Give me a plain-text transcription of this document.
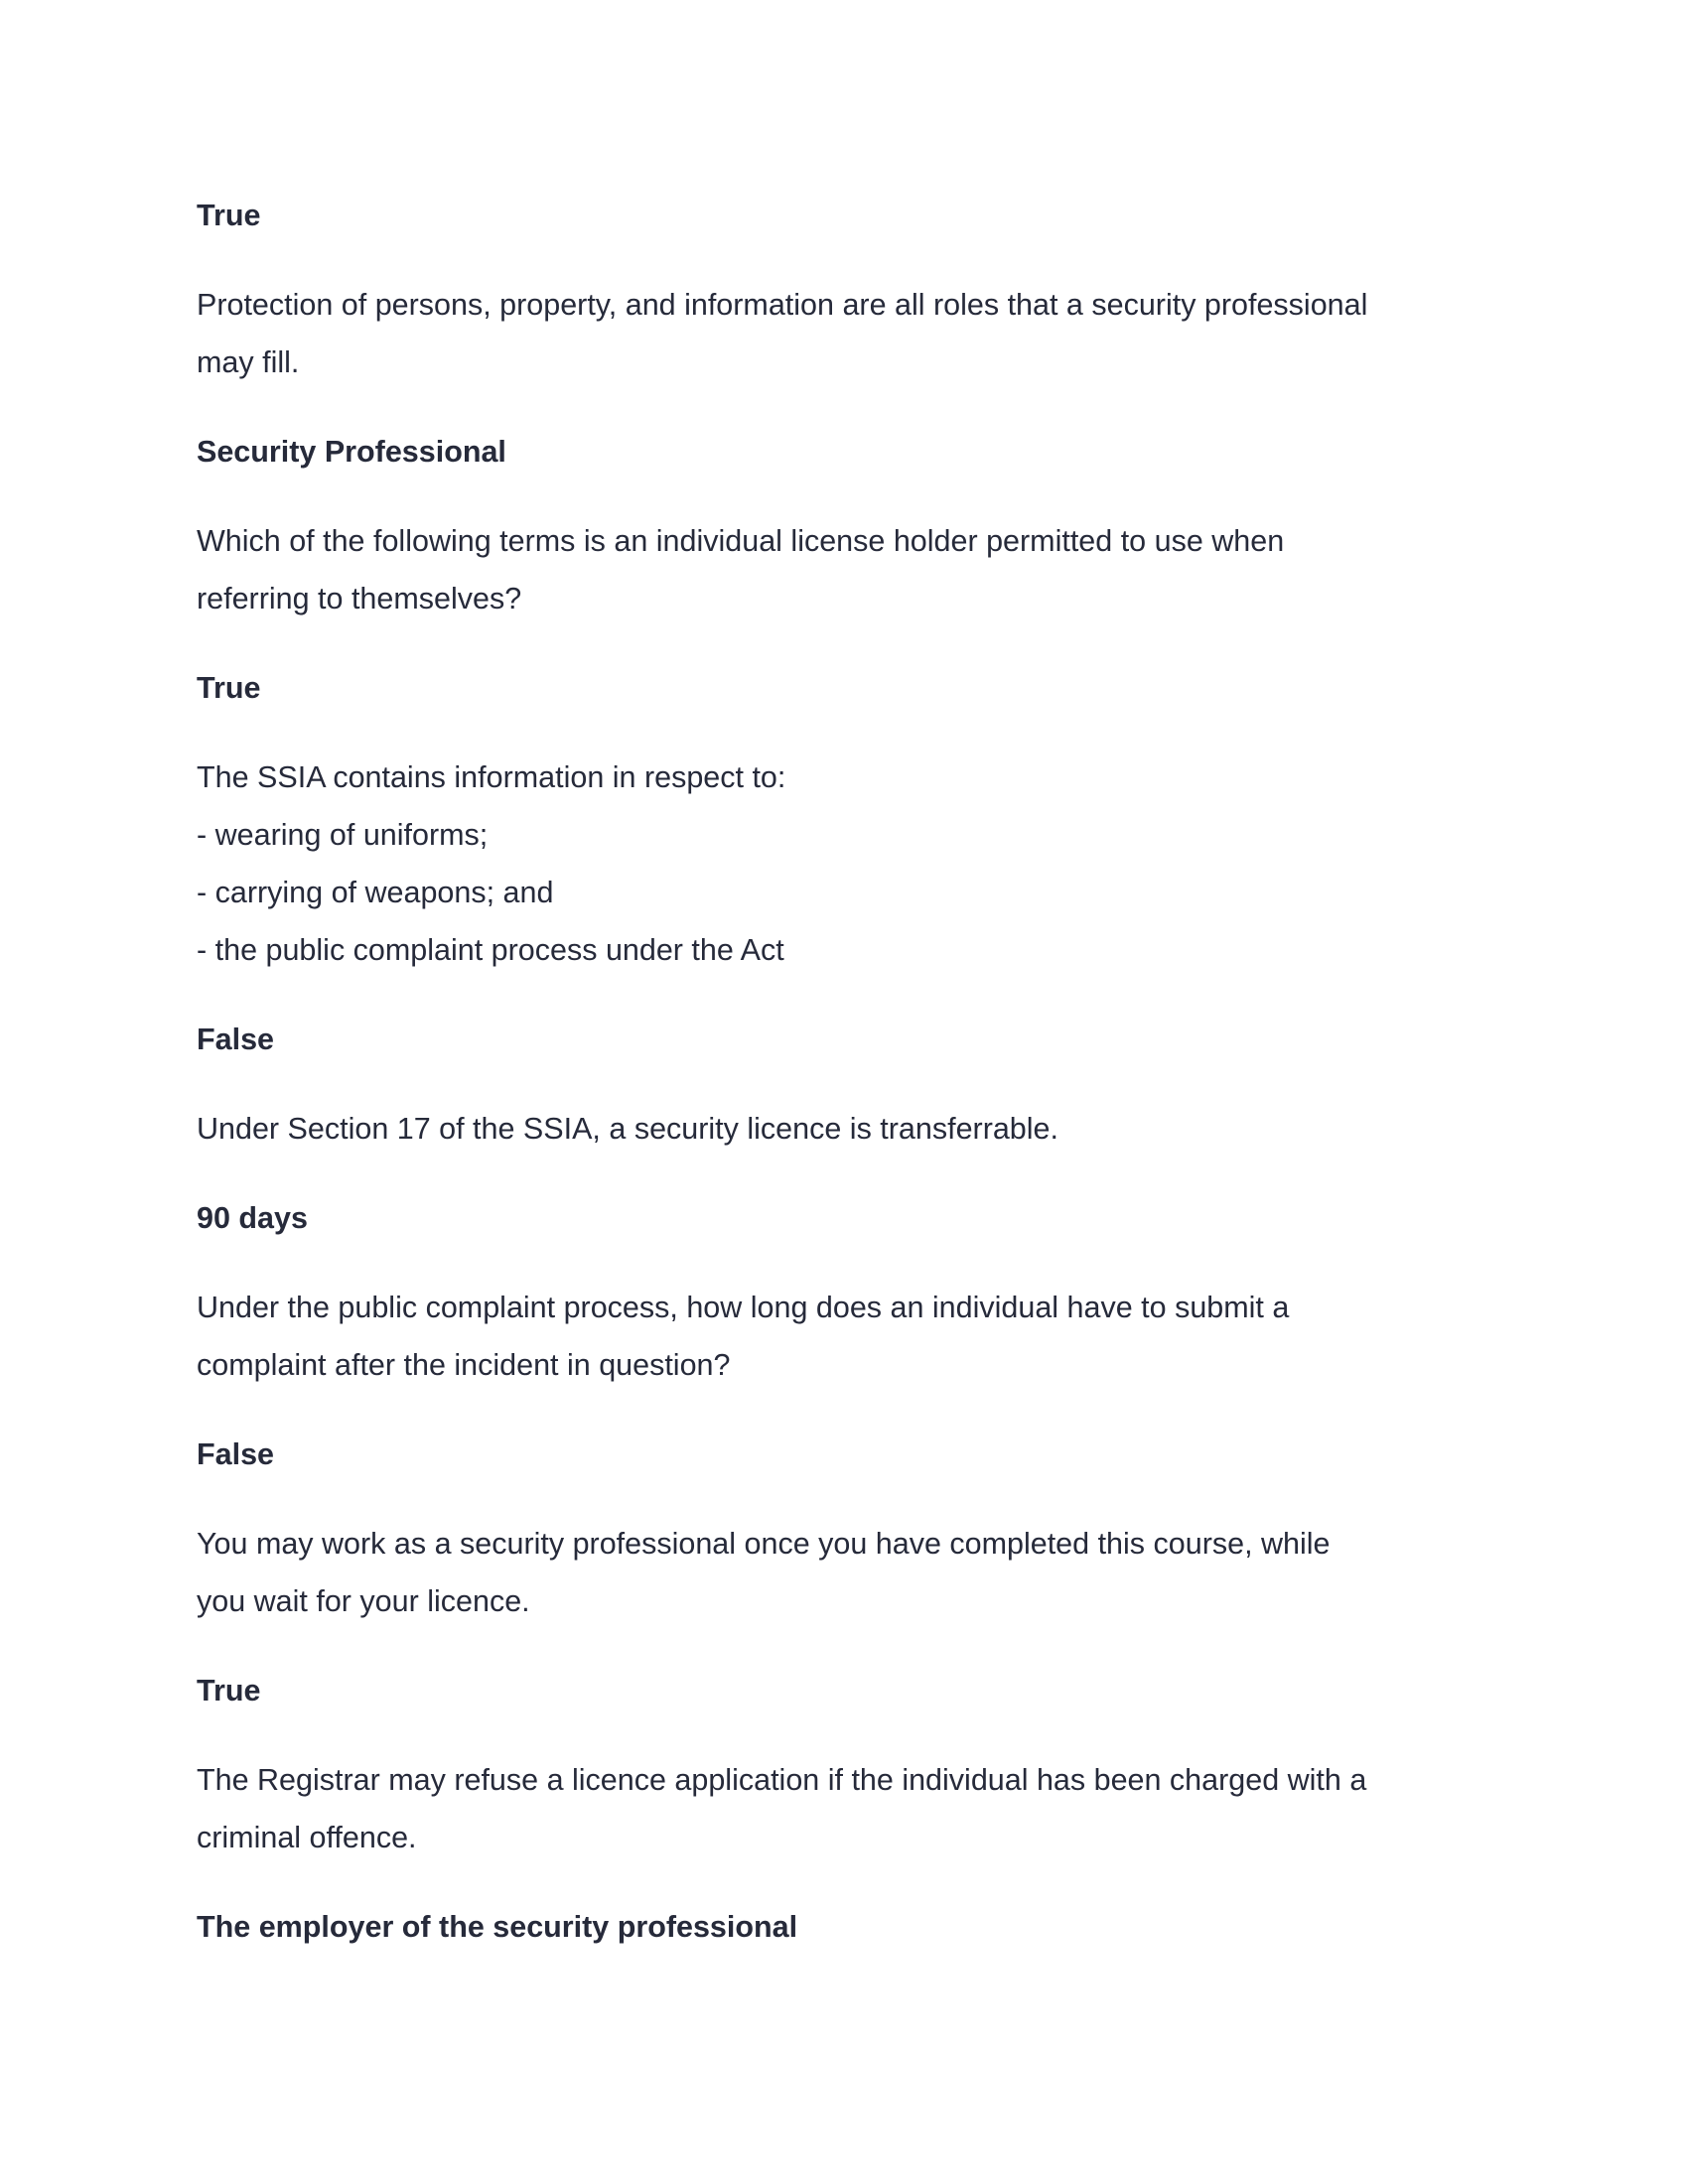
True
Protection of persons, property, and information are all roles that a security professional
may fill.
Security Professional
Which of the following terms is an individual license holder permitted to use when
referring to themselves?
True
The SSIA contains information in respect to:
- wearing of uniforms;
- carrying of weapons; and
- the public complaint process under the Act
False
Under Section 17 of the SSIA, a security licence is transferrable.
90 days
Under the public complaint process, how long does an individual have to submit a
complaint after the incident in question?
False
You may work as a security professional once you have completed this course, while
you wait for your licence.
True
The Registrar may refuse a licence application if the individual has been charged with a
criminal offence.
The employer of the security professional
